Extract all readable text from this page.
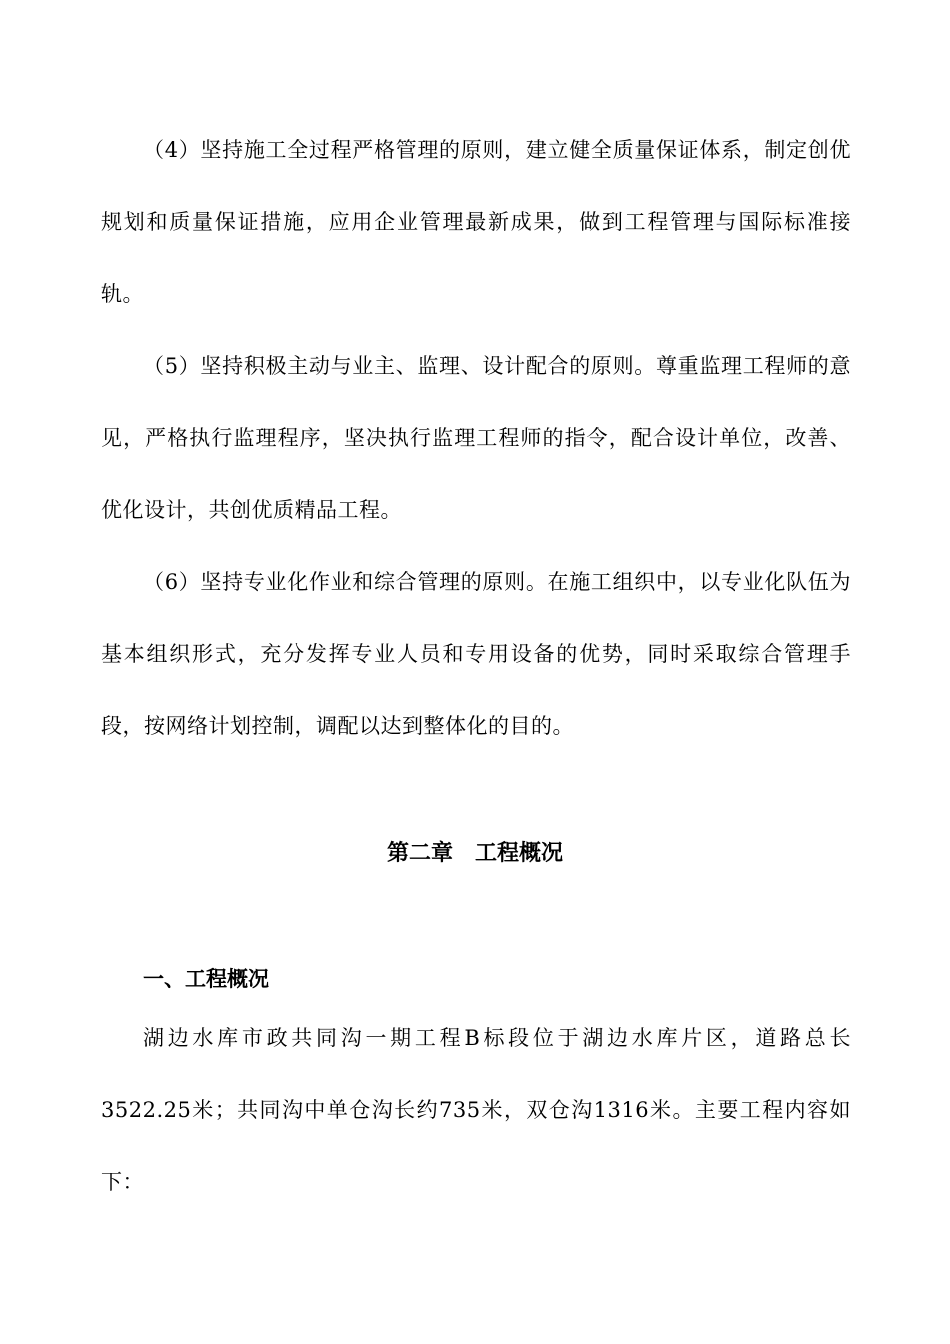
（4）坚持施工全过程严格管理的原则，建立健全质量保证体系，制定创优规划和质量保证措施，应用企业管理最新成果，做到工程管理与国际标准接轨。

（5）坚持积极主动与业主、监理、设计配合的原则。尊重监理工程师的意见，严格执行监理程序，坚决执行监理工程师的指令，配合设计单位，改善、优化设计，共创优质精品工程。

（6）坚持专业化作业和综合管理的原则。在施工组织中，以专业化队伍为基本组织形式，充分发挥专业人员和专用设备的优势，同时采取综合管理手段，按网络计划控制，调配以达到整体化的目的。

第二章　工程概况
一、工程概况

湖边水库市政共同沟一期工程B标段位于湖边水库片区，道路总长3522.25米；共同沟中单仓沟长约735米，双仓沟1316米。主要工程内容如下：
